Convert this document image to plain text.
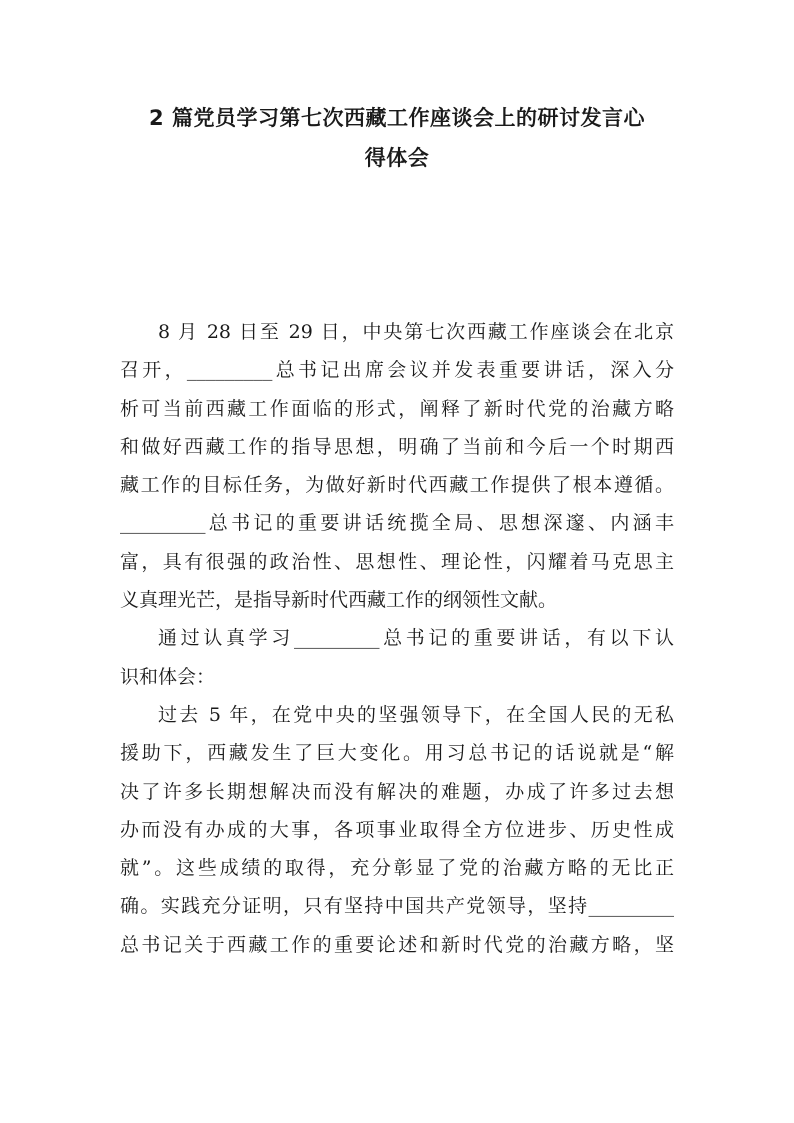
2 篇党员学习第七次西藏工作座谈会上的研讨发言心
得体会
8 月 28 日至 29 日，中央第七次西藏工作座谈会在北京
召开，_________总书记出席会议并发表重要讲话，深入分
析可当前西藏工作面临的形式，阐释了新时代党的治藏方略
和做好西藏工作的指导思想，明确了当前和今后一个时期西
藏工作的目标任务，为做好新时代西藏工作提供了根本遵循。
_________总书记的重要讲话统揽全局、思想深邃、内涵丰
富，具有很强的政治性、思想性、理论性，闪耀着马克思主
义真理光芒，是指导新时代西藏工作的纲领性文献。
通过认真学习_________总书记的重要讲话，有以下认
识和体会：
过去 5 年，在党中央的坚强领导下，在全国人民的无私
援助下，西藏发生了巨大变化。用习总书记的话说就是“解
决了许多长期想解决而没有解决的难题，办成了许多过去想
办而没有办成的大事，各项事业取得全方位进步、历史性成
就”。这些成绩的取得，充分彰显了党的治藏方略的无比正
确。实践充分证明，只有坚持中国共产党领导，坚持_________
总书记关于西藏工作的重要论述和新时代党的治藏方略，坚
